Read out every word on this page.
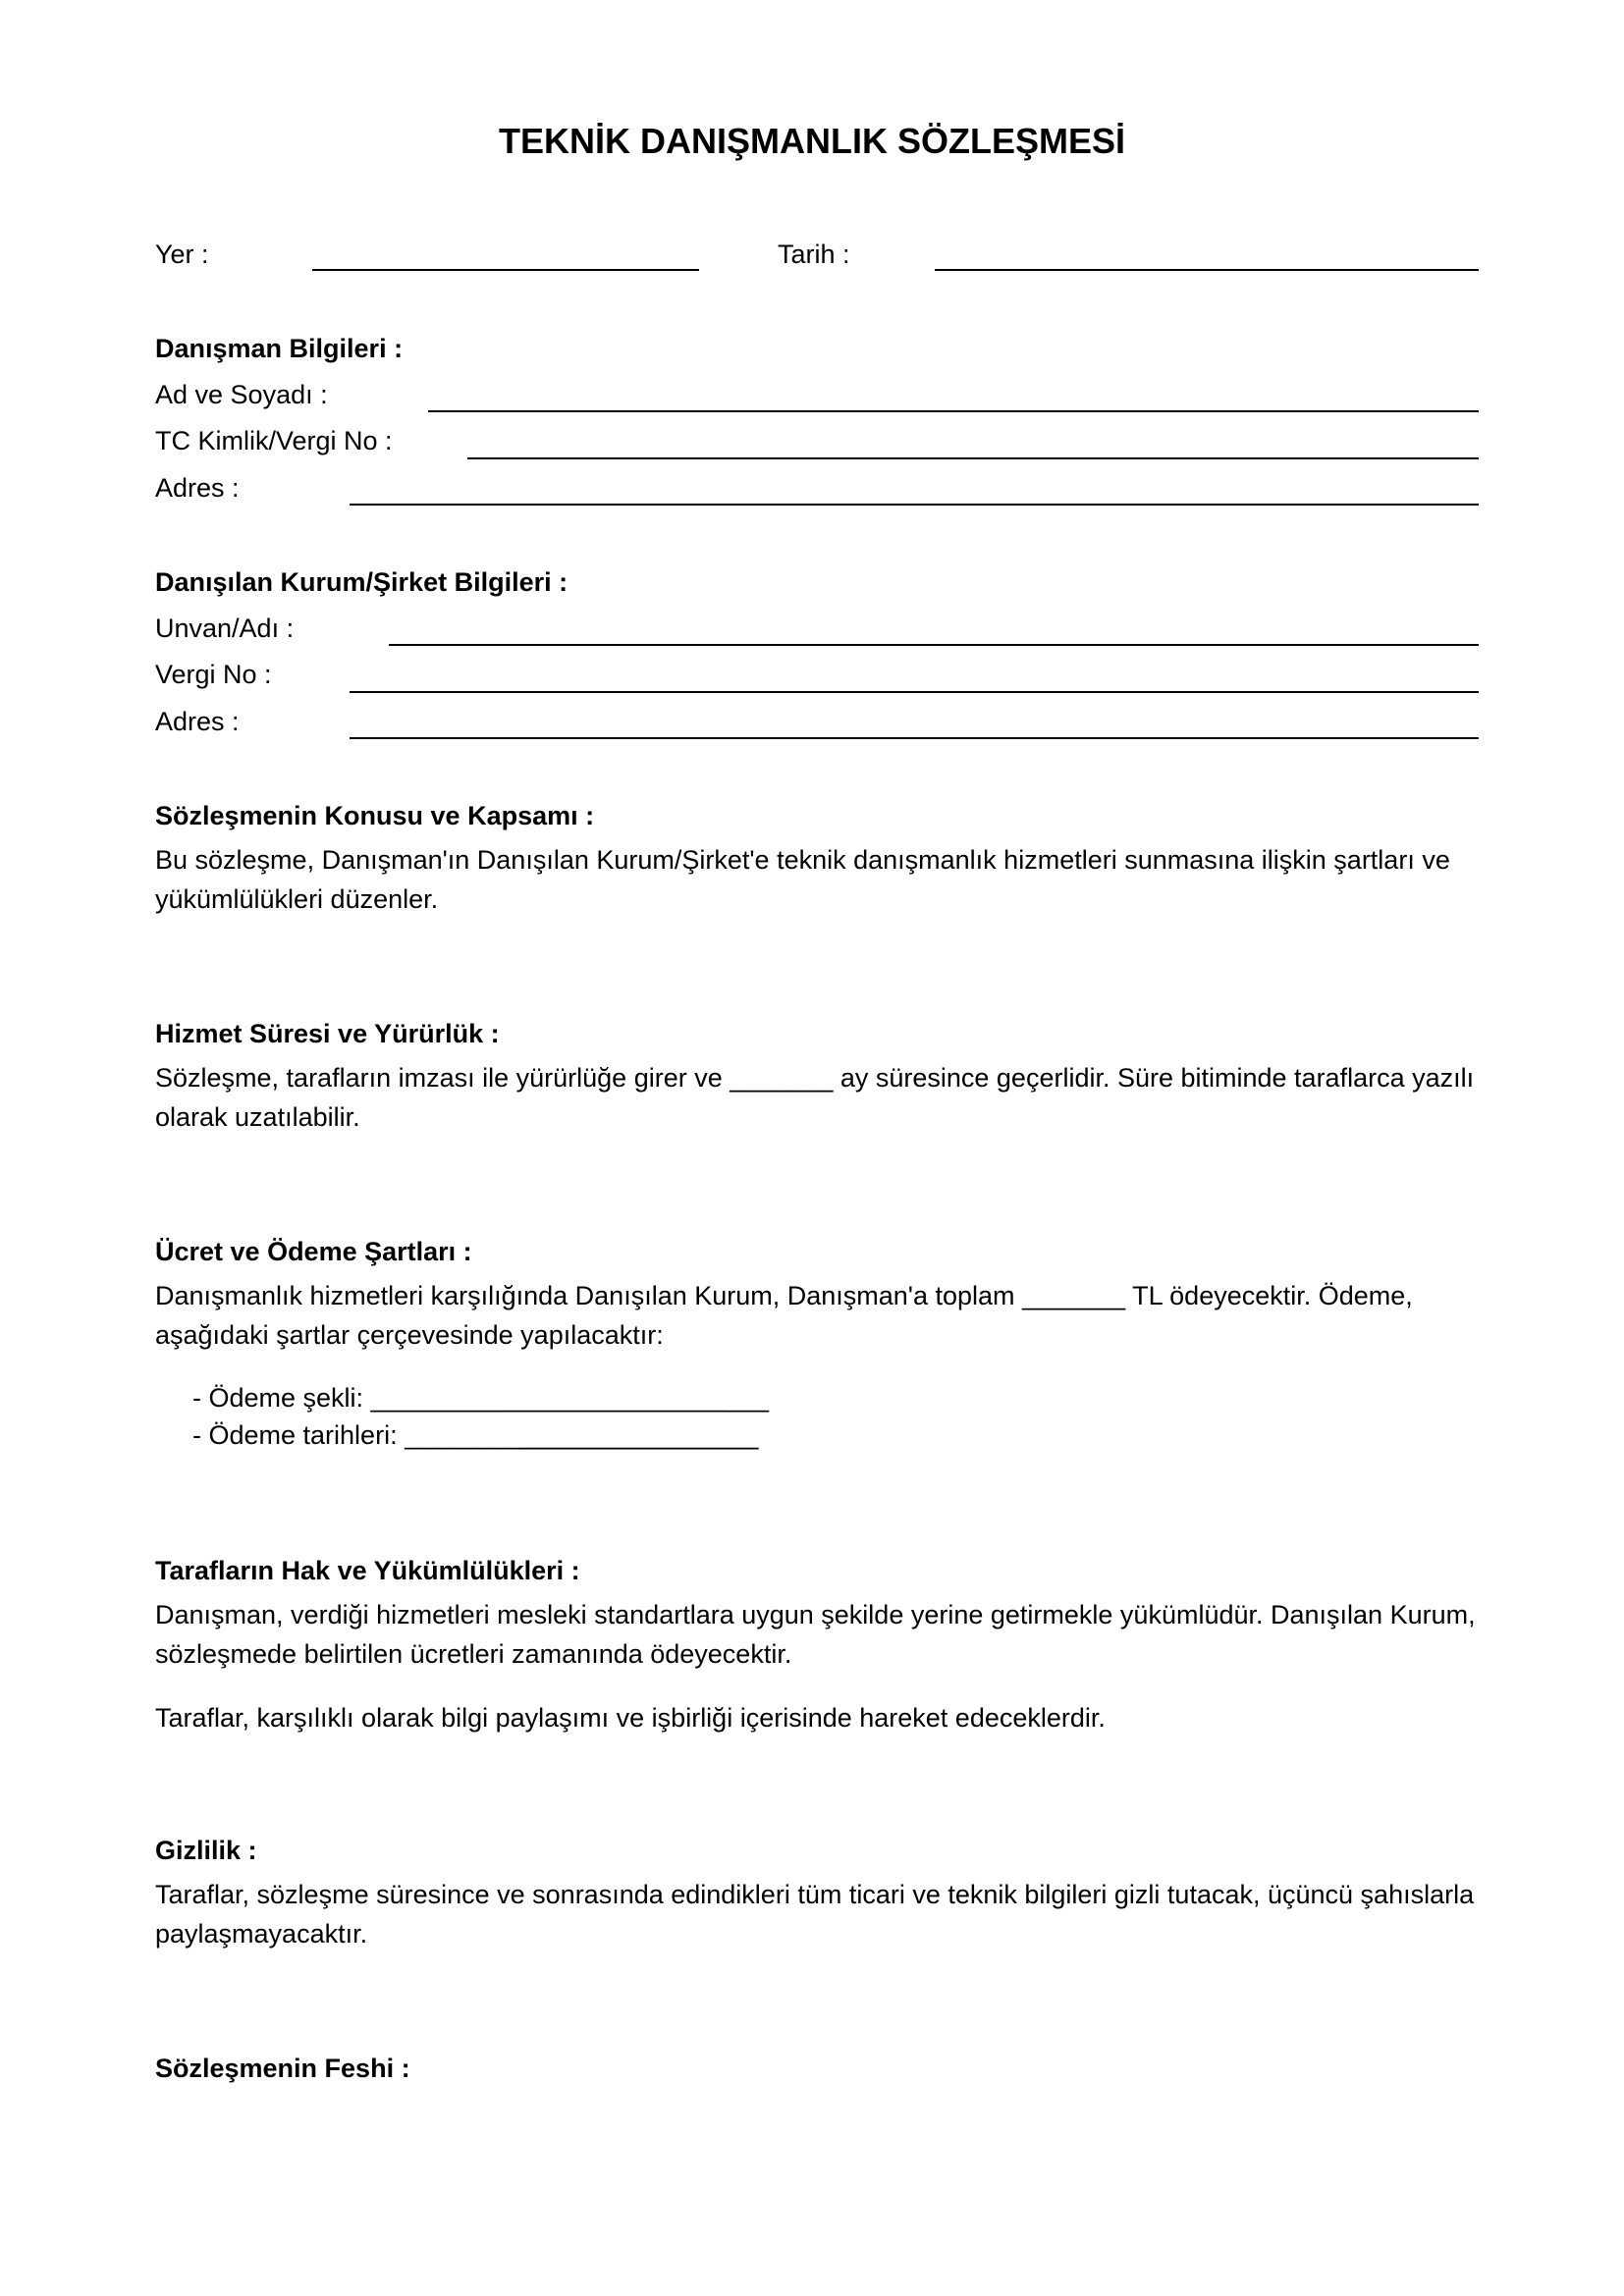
TEKNİK DANIŞMANLIK SÖZLEŞMESİ
Yer :	Tarih :
Danışman Bilgileri :
Ad ve Soyadı :
TC Kimlik/Vergi No :
Adres :
Danışılan Kurum/Şirket Bilgileri :
Unvan/Adı :
Vergi No :
Adres :
Sözleşmenin Konusu ve Kapsamı :
Bu sözleşme, Danışman'ın Danışılan Kurum/Şirket'e teknik danışmanlık hizmetleri sunmasına ilişkin şartları ve yükümlülükleri düzenler.
Hizmet Süresi ve Yürürlük :
Sözleşme, tarafların imzası ile yürürlüğe girer ve _______ ay süresince geçerlidir. Süre bitiminde taraflarca yazılı olarak uzatılabilir.
Ücret ve Ödeme Şartları :
Danışmanlık hizmetleri karşılığında Danışılan Kurum, Danışman'a toplam _______ TL ödeyecektir. Ödeme, aşağıdaki şartlar çerçevesinde yapılacaktır:
- Ödeme şekli: ___________________________
- Ödeme tarihleri: ________________________
Tarafların Hak ve Yükümlülükleri :
Danışman, verdiği hizmetleri mesleki standartlara uygun şekilde yerine getirmekle yükümlüdür. Danışılan Kurum, sözleşmede belirtilen ücretleri zamanında ödeyecektir.
Taraflar, karşılıklı olarak bilgi paylaşımı ve işbirliği içerisinde hareket edeceklerdir.
Gizlilik :
Taraflar, sözleşme süresince ve sonrasında edindikleri tüm ticari ve teknik bilgileri gizli tutacak, üçüncü şahıslarla paylaşmayacaktır.
Sözleşmenin Feshi :
